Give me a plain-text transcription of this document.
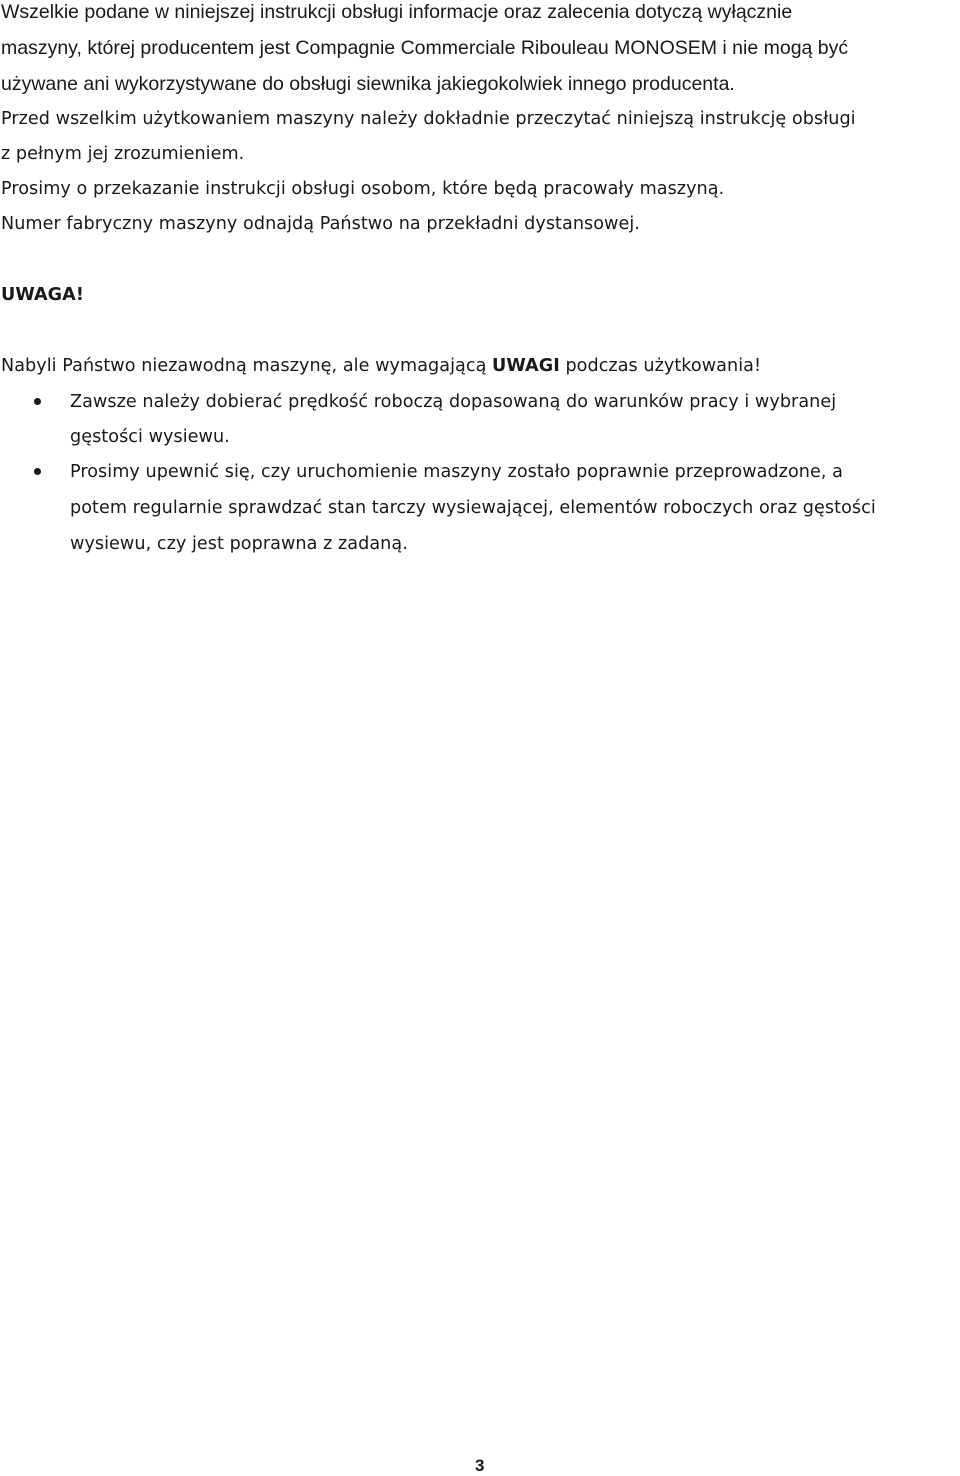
Wszelkie podane w niniejszej instrukcji obsługi informacje oraz zalecenia dotyczą wyłącznie
maszyny, której producentem jest Compagnie Commerciale Ribouleau MONOSEM i nie mogą być
używane ani wykorzystywane do obsługi siewnika jakiegokolwiek innego producenta.
Przed wszelkim użytkowaniem maszyny należy dokładnie przeczytać niniejszą instrukcję obsługi
z pełnym jej zrozumieniem.
Prosimy o przekazanie instrukcji obsługi osobom, które będą pracowały maszyną.
Numer fabryczny maszyny odnajdą Państwo na przekładni dystansowej.
UWAGA!
Nabyli Państwo niezawodną maszynę, ale wymagającą UWAGI podczas użytkowania!
Zawsze należy dobierać prędkość roboczą dopasowaną do warunków pracy i wybranej
gęstości wysiewu.
Prosimy upewnić się, czy uruchomienie maszyny zostało poprawnie przeprowadzone, a
potem regularnie sprawdzać stan tarczy wysiewającej, elementów roboczych oraz gęstości
wysiewu, czy jest poprawna z zadaną.
3
